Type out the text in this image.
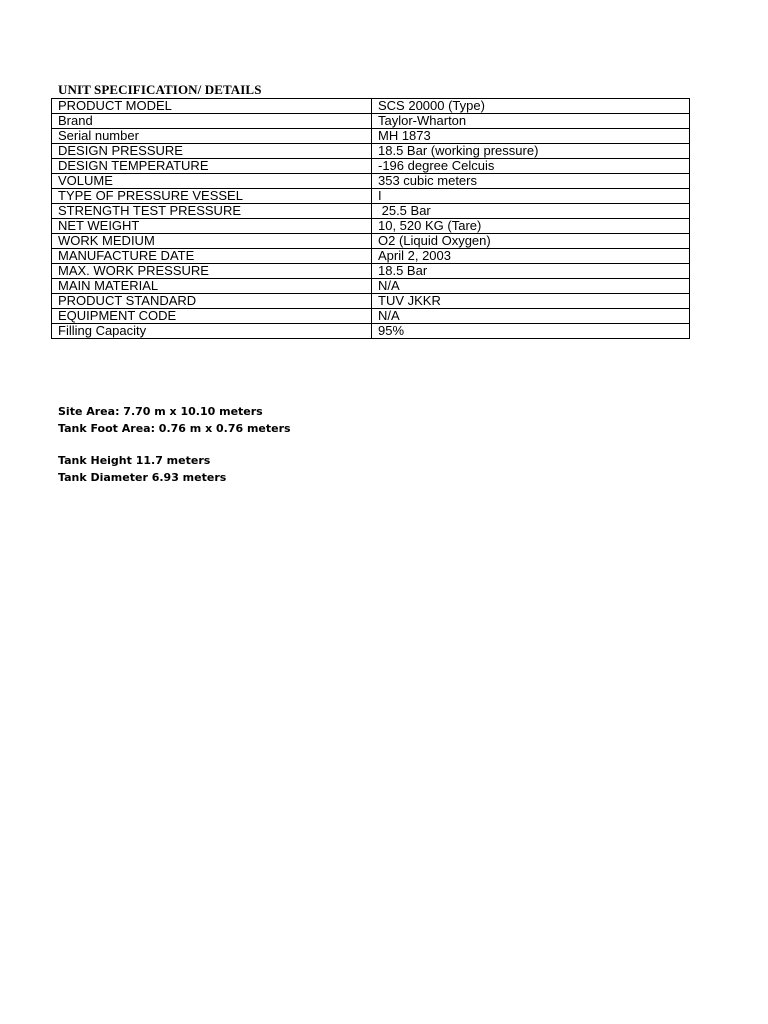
UNIT SPECIFICATION/ DETAILS
PRODUCT MODEL	SCS 20000 (Type)
Brand	Taylor-Wharton
Serial number	MH 1873
DESIGN PRESSURE	18.5 Bar (working pressure)
DESIGN TEMPERATURE	-196 degree Celcuis
VOLUME	353 cubic meters
TYPE OF PRESSURE VESSEL	I
STRENGTH TEST PRESSURE	25.5 Bar
NET WEIGHT	10, 520 KG (Tare)
WORK MEDIUM	O2 (Liquid Oxygen)
MANUFACTURE DATE	April 2, 2003
MAX. WORK PRESSURE	18.5 Bar
MAIN MATERIAL	N/A
PRODUCT STANDARD	TUV JKKR
EQUIPMENT CODE	N/A
Filling Capacity	95%
Site Area: 7.70 m x 10.10 meters
Tank Foot Area: 0.76 m x 0.76 meters
Tank Height 11.7 meters
Tank Diameter 6.93 meters
